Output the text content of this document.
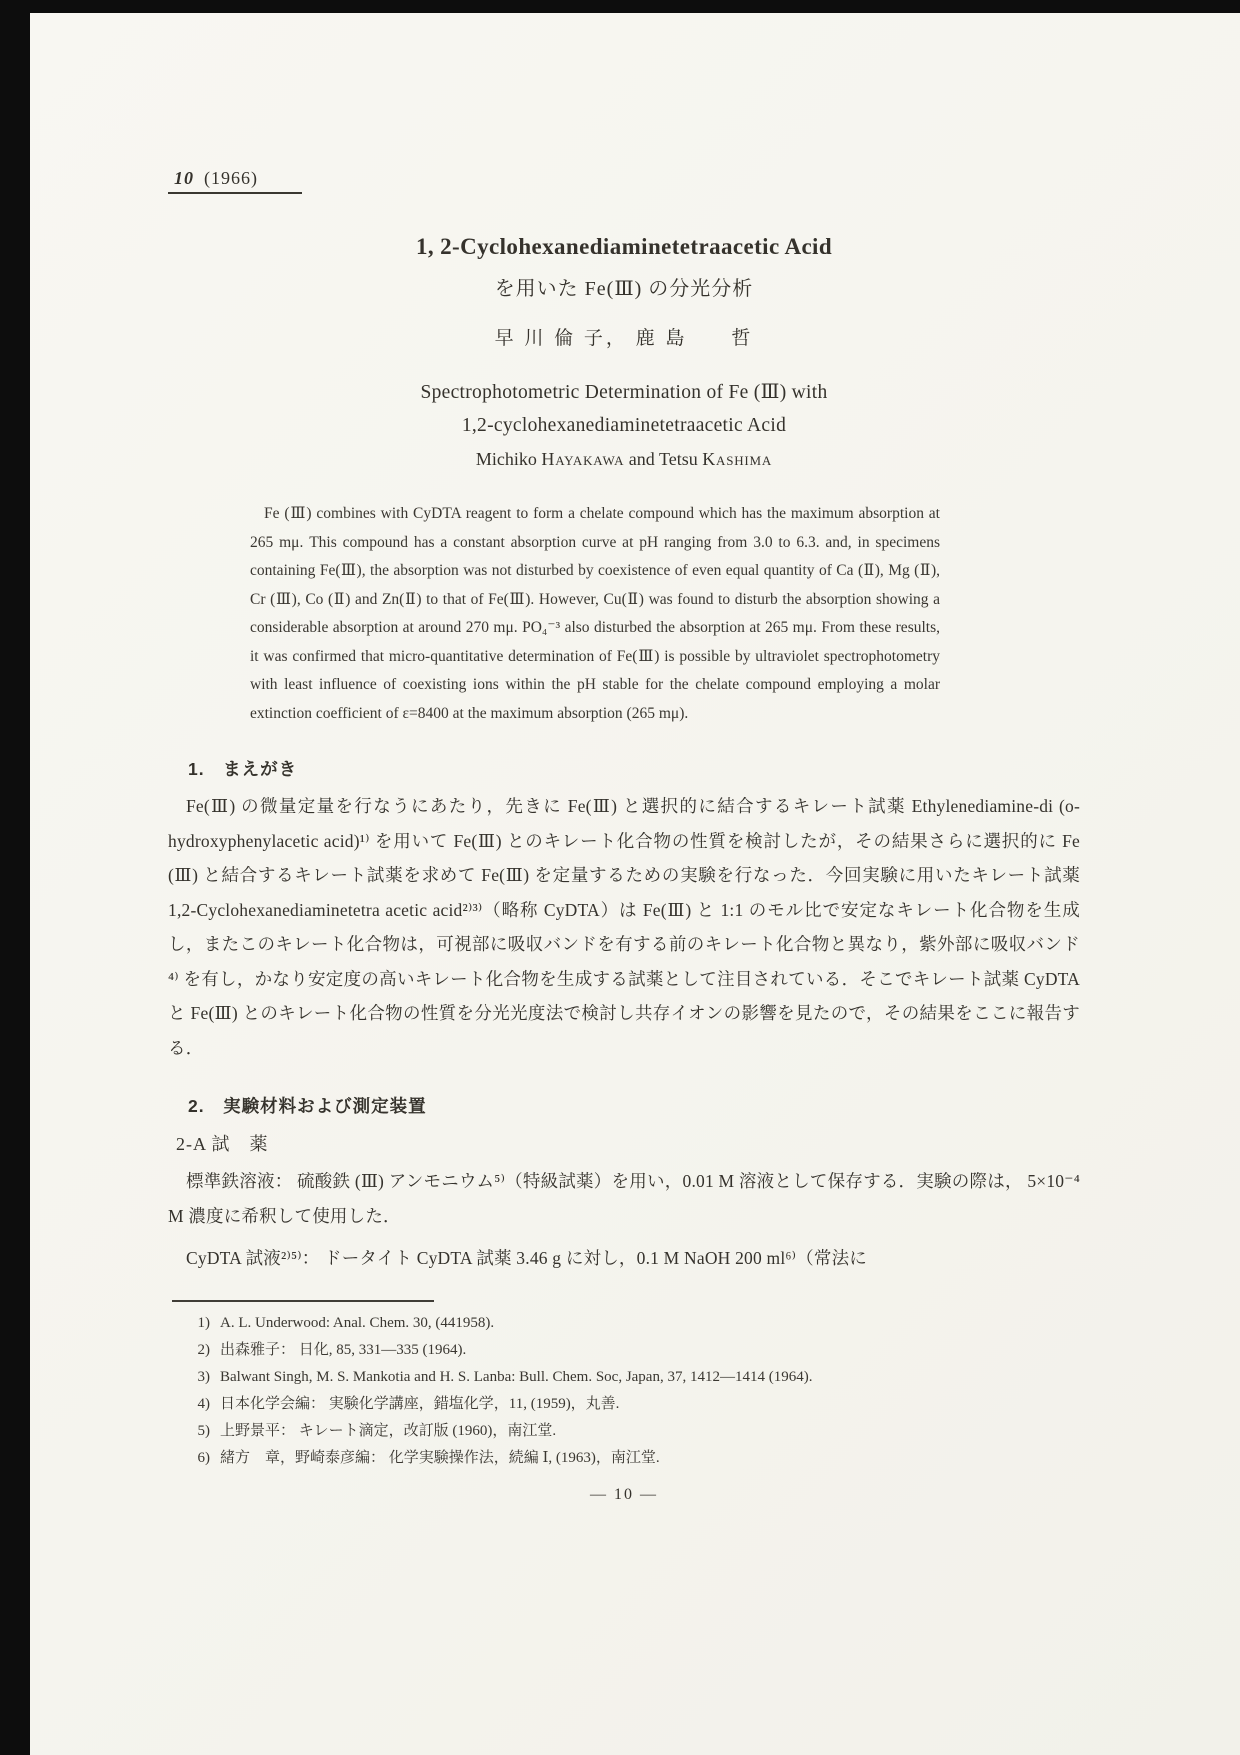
10 (1966)
1, 2-Cyclohexanediaminetetraacetic Acid
を用いた Fe(Ⅲ) の分光分析
早 川 倫 子， 鹿 島　　哲
Spectrophotometric Determination of Fe (Ⅲ) with
1,2-cyclohexanediaminetetraacetic Acid
Michiko Hayakawa and Tetsu Kashima
Fe (Ⅲ) combines with CyDTA reagent to form a chelate compound which has the maximum absorption at 265 mμ. This compound has a constant absorption curve at pH ranging from 3.0 to 6.3. and, in specimens containing Fe(Ⅲ), the absorption was not disturbed by coexistence of even equal quantity of Ca (Ⅱ), Mg (Ⅱ), Cr (Ⅲ), Co (Ⅱ) and Zn(Ⅱ) to that of Fe(Ⅲ). However, Cu(Ⅱ) was found to disturb the absorption showing a considerable absorption at around 270 mμ. PO₄⁻³ also disturbed the absorption at 265 mμ. From these results, it was confirmed that micro-quantitative determination of Fe(Ⅲ) is possible by ultraviolet spectrophotometry with least influence of coexisting ions within the pH stable for the chelate compound employing a molar extinction coefficient of ε=8400 at the maximum absorption (265 mμ).
1.　まえがき
Fe(Ⅲ) の微量定量を行なうにあたり，先きに Fe(Ⅲ) と選択的に結合するキレート試薬 Ethylenediamine-di (o-hydroxyphenylacetic acid)¹⁾ を用いて Fe(Ⅲ) とのキレート化合物の性質を検討したが，その結果さらに選択的に Fe (Ⅲ) と結合するキレート試薬を求めて Fe(Ⅲ) を定量するための実験を行なった．今回実験に用いたキレート試薬 1,2-Cyclohexanediaminetetra acetic acid²⁾³⁾（略称 CyDTA）は Fe(Ⅲ) と 1:1 のモル比で安定なキレート化合物を生成し，またこのキレート化合物は，可視部に吸収バンドを有する前のキレート化合物と異なり，紫外部に吸収バンド⁴⁾ を有し，かなり安定度の高いキレート化合物を生成する試薬として注目されている．そこでキレート試薬 CyDTA と Fe(Ⅲ) とのキレート化合物の性質を分光光度法で検討し共存イオンの影響を見たので，その結果をここに報告する．
2.　実験材料および測定装置
2-A 試　薬
標準鉄溶液： 硫酸鉄 (Ⅲ) アンモニウム⁵⁾（特級試薬）を用い，0.01 M 溶液として保存する．実験の際は， 5×10⁻⁴ M 濃度に希釈して使用した．
CyDTA 試液²⁾⁵⁾： ドータイト CyDTA 試薬 3.46 g に対し，0.1 M NaOH 200 ml⁶⁾（常法に
1) A. L. Underwood: Anal. Chem. 30, (441958).
2) 出森雅子： 日化, 85, 331—335 (1964).
3) Balwant Singh, M. S. Mankotia and H. S. Lanba: Bull. Chem. Soc, Japan, 37, 1412—1414 (1964).
4) 日本化学会編： 実験化学講座，錯塩化学，11, (1959)，丸善.
5) 上野景平： キレート滴定，改訂版 (1960)，南江堂.
6) 緒方　章，野崎泰彦編： 化学実験操作法，続編 Ⅰ, (1963)，南江堂.
— 10 —
